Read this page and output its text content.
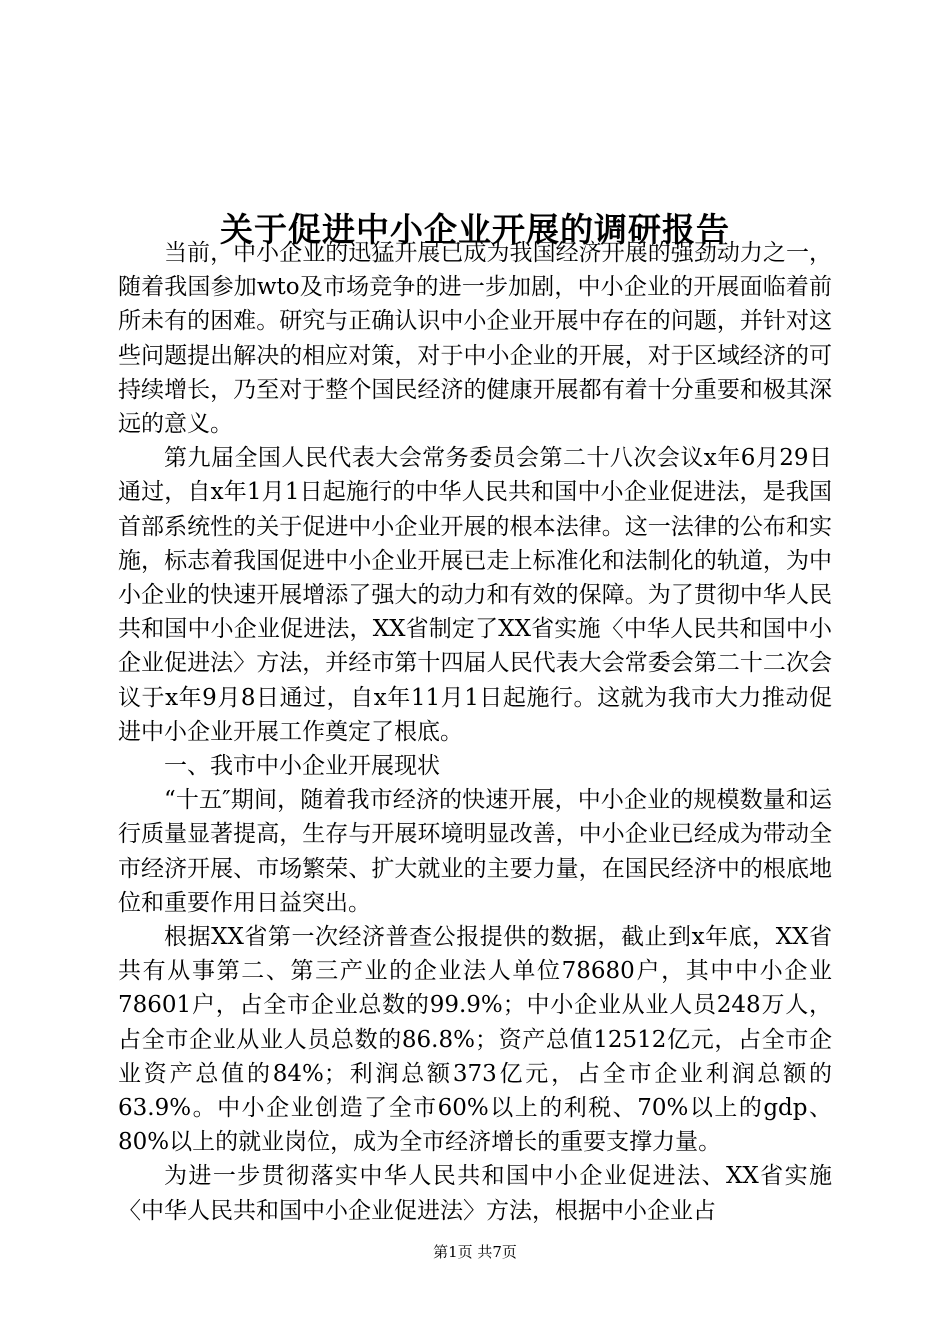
关于促进中小企业开展的调研报告

当前，中小企业的迅猛开展已成为我国经济开展的强劲动力之一，随着我国参加wto及市场竞争的进一步加剧，中小企业的开展面临着前所未有的困难。研究与正确认识中小企业开展中存在的问题，并针对这些问题提出解决的相应对策，对于中小企业的开展，对于区域经济的可持续增长，乃至对于整个国民经济的健康开展都有着十分重要和极其深远的意义。

第九届全国人民代表大会常务委员会第二十八次会议x年6月29日通过，自x年1月1日起施行的中华人民共和国中小企业促进法，是我国首部系统性的关于促进中小企业开展的根本法律。这一法律的公布和实施，标志着我国促进中小企业开展已走上标准化和法制化的轨道，为中小企业的快速开展增添了强大的动力和有效的保障。为了贯彻中华人民共和国中小企业促进法，XX省制定了XX省实施〈中华人民共和国中小企业促进法〉方法，并经市第十四届人民代表大会常委会第二十二次会议于x年9月8日通过，自x年11月1日起施行。这就为我市大力推动促进中小企业开展工作奠定了根底。

一、我市中小企业开展现状

“十五″期间，随着我市经济的快速开展，中小企业的规模数量和运行质量显著提高，生存与开展环境明显改善，中小企业已经成为带动全市经济开展、市场繁荣、扩大就业的主要力量，在国民经济中的根底地位和重要作用日益突出。

根据XX省第一次经济普查公报提供的数据，截止到x年底，XX省共有从事第二、第三产业的企业法人单位78680户，其中中小企业78601户，占全市企业总数的99.9%；中小企业从业人员248万人，占全市企业从业人员总数的86.8%；资产总值12512亿元，占全市企业资产总值的84%；利润总额373亿元，占全市企业利润总额的63.9%。中小企业创造了全市60%以上的利税、70%以上的gdp、80%以上的就业岗位，成为全市经济增长的重要支撑力量。

为进一步贯彻落实中华人民共和国中小企业促进法、XX省实施〈中华人民共和国中小企业促进法〉方法，根据中小企业占

第1页 共7页
